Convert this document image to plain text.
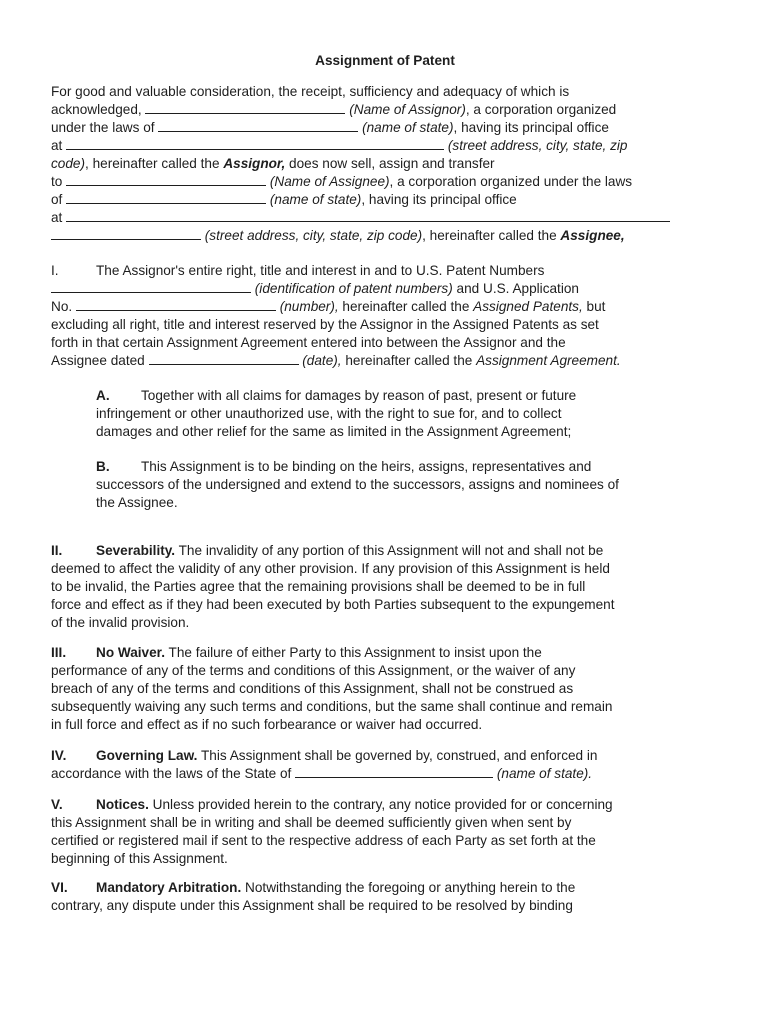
Assignment of Patent
For good and valuable consideration, the receipt, sufficiency and adequacy of which is
acknowledged,	(Name of Assignor), a corporation organized
under the laws of	(name of state), having its principal office
at	(street address, city, state, zip
code), hereinafter called the Assignor, does now sell, assign and transfer
to	(Name of Assignee), a corporation organized under the laws
of	(name of state), having its principal office
at
(street address, city, state, zip code), hereinafter called the Assignee,
I.	The Assignor's entire right, title and interest in and to U.S. Patent Numbers
(identification of patent numbers) and U.S. Application
No.	(number), hereinafter called the Assigned Patents, but
excluding all right, title and interest reserved by the Assignor in the Assigned Patents as set
forth in that certain Assignment Agreement entered into between the Assignor and the
Assignee dated	(date), hereinafter called the Assignment Agreement.
A. Together with all claims for damages by reason of past, present or future
infringement or other unauthorized use, with the right to sue for, and to collect
damages and other relief for the same as limited in the Assignment Agreement;
B. This Assignment is to be binding on the heirs, assigns, representatives and
successors of the undersigned and extend to the successors, assigns and nominees of
the Assignee.
II. Severability. The invalidity of any portion of this Assignment will not and shall not be
deemed to affect the validity of any other provision. If any provision of this Assignment is held
to be invalid, the Parties agree that the remaining provisions shall be deemed to be in full
force and effect as if they had been executed by both Parties subsequent to the expungement
of the invalid provision.
III. No Waiver. The failure of either Party to this Assignment to insist upon the
performance of any of the terms and conditions of this Assignment, or the waiver of any
breach of any of the terms and conditions of this Assignment, shall not be construed as
subsequently waiving any such terms and conditions, but the same shall continue and remain
in full force and effect as if no such forbearance or waiver had occurred.
IV. Governing Law. This Assignment shall be governed by, construed, and enforced in
accordance with the laws of the State of	(name of state).
V. Notices. Unless provided herein to the contrary, any notice provided for or concerning
this Assignment shall be in writing and shall be deemed sufficiently given when sent by
certified or registered mail if sent to the respective address of each Party as set forth at the
beginning of this Assignment.
VI. Mandatory Arbitration. Notwithstanding the foregoing or anything herein to the
contrary, any dispute under this Assignment shall be required to be resolved by binding
